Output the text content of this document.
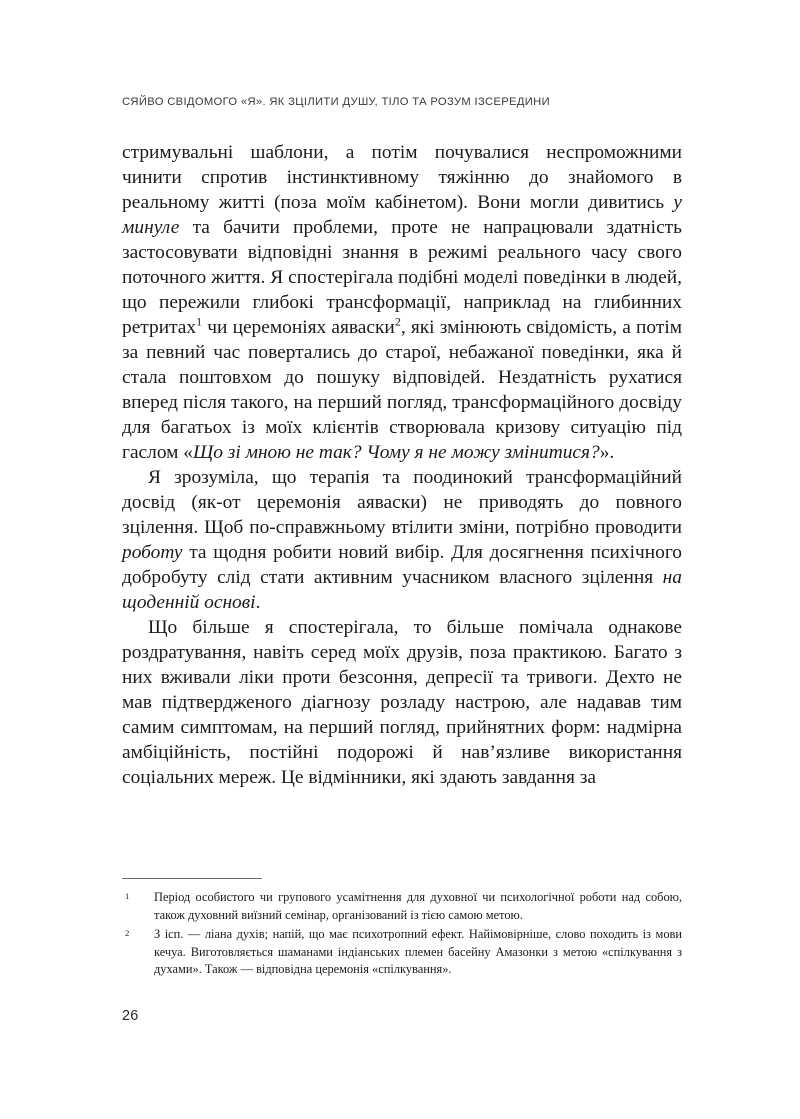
СЯЙВО СВІДОМОГО «Я». ЯК ЗЦІЛИТИ ДУШУ, ТІЛО ТА РОЗУМ ІЗСЕРЕДИНИ

стримувальні шаблони, а потім почувалися неспроможними чинити спротив інстинктивному тяжінню до знайомого в реальному житті (поза моїм кабінетом). Вони могли дивитись у минуле та бачити проблеми, проте не напрацювали здатність застосовувати відповідні знання в режимі реального часу свого поточного життя. Я спостерігала подібні моделі поведінки в людей, що пережили глибокі трансформації, наприклад на глибинних ретритах$^1$ чи церемоніях аяваски$^2$, які змінюють свідомість, а потім за певний час повертались до старої, небажаної поведінки, яка й стала поштовхом до пошуку відповідей. Нездатність рухатися вперед після такого, на перший погляд, трансформаційного досвіду для багатьох із моїх клієнтів створювала кризову ситуацію під гаслом «Що зі мною не так? Чому я не можу змінитися?».

Я зрозуміла, що терапія та поодинокий трансформаційний досвід (як-от церемонія аяваски) не приводять до повного зцілення. Щоб по-справжньому втілити зміни, потрібно проводити роботу та щодня робити новий вибір. Для досягнення психічного добробуту слід стати активним учасником власного зцілення на щоденній основі.

Що більше я спостерігала, то більше помічала однакове роздратування, навіть серед моїх друзів, поза практикою. Багато з них вживали ліки проти безсоння, депресії та тривоги. Дехто не мав підтвердженого діагнозу розладу настрою, але надавав тим самим симптомам, на перший погляд, прийнятних форм: надмірна амбіційність, постійні подорожі й нав’язливе використання соціальних мереж. Це відмінники, які здають завдання за

1 Період особистого чи групового усамітнення для духовної чи психологічної роботи над собою, також духовний виїзний семінар, організований із тією самою метою.
2 З ісп. — ліана духів; напій, що має психотропний ефект. Найімовірніше, слово походить із мови кечуа. Виготовляється шаманами індіанських племен басейну Амазонки з метою «спілкування з духами». Також — відповідна церемонія «спілкування».
26
